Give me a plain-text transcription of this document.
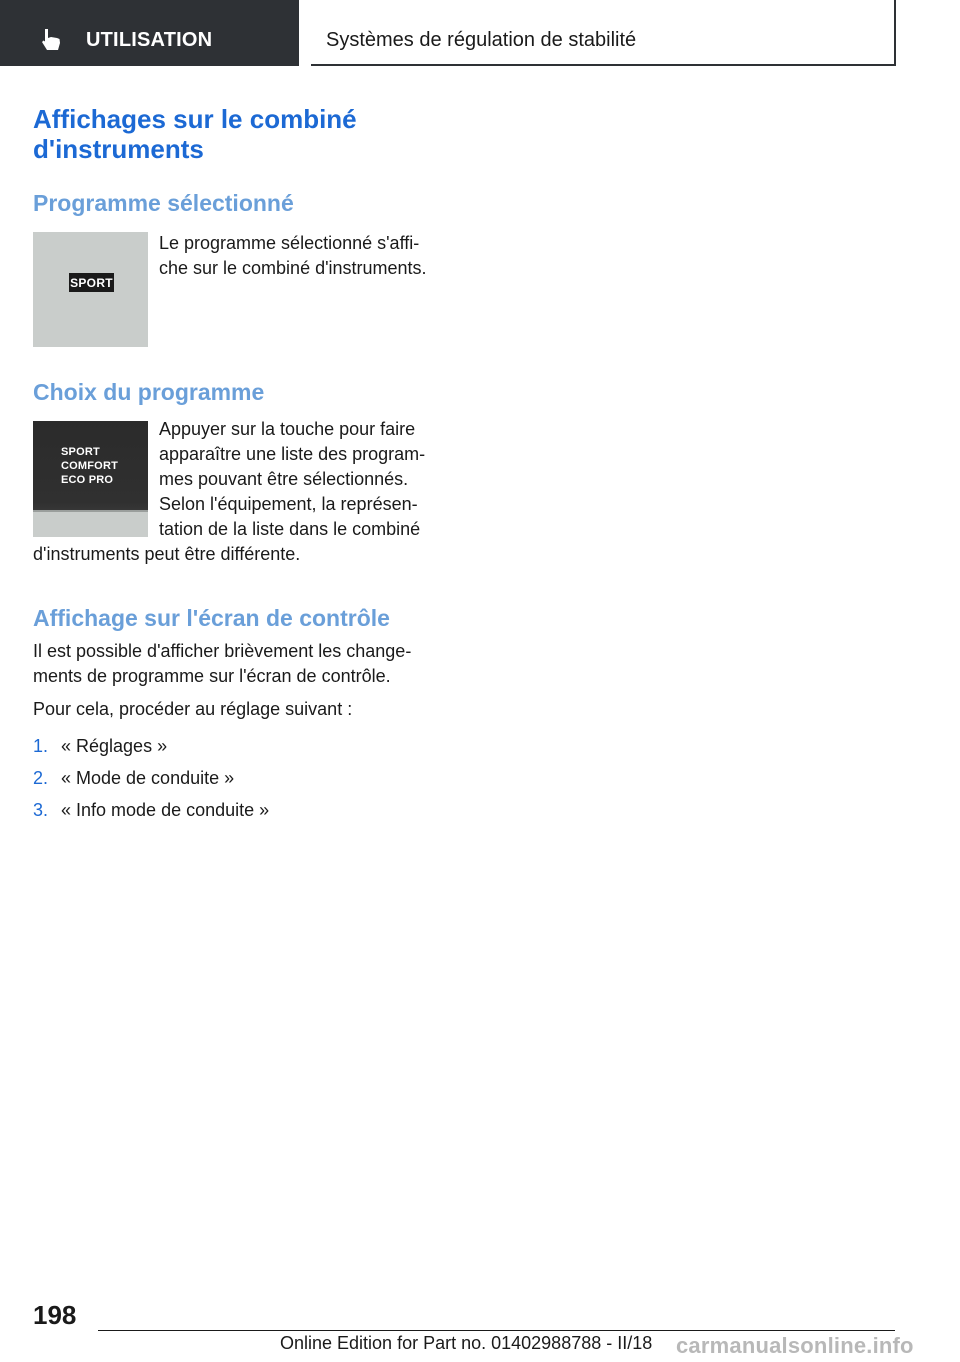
UTILISATION	Systèmes de régulation de stabilité
Affichages sur le combiné d'instruments
Programme sélectionné
SPORT
Le programme sélectionné s'affi-
che sur le combiné d'instruments.
Choix du programme
SPORT
COMFORT
ECO PRO
Appuyer sur la touche pour faire
apparaître une liste des program-
mes pouvant être sélectionnés.
Selon l'équipement, la représen-
tation de la liste dans le combiné
d'instruments peut être différente.
Affichage sur l'écran de contrôle
Il est possible d'afficher brièvement les change-
ments de programme sur l'écran de contrôle.
Pour cela, procéder au réglage suivant :
1. « Réglages »
2. « Mode de conduite »
3. « Info mode de conduite »
198
Online Edition for Part no. 01402988788 - II/18 carmanualsonline.info
